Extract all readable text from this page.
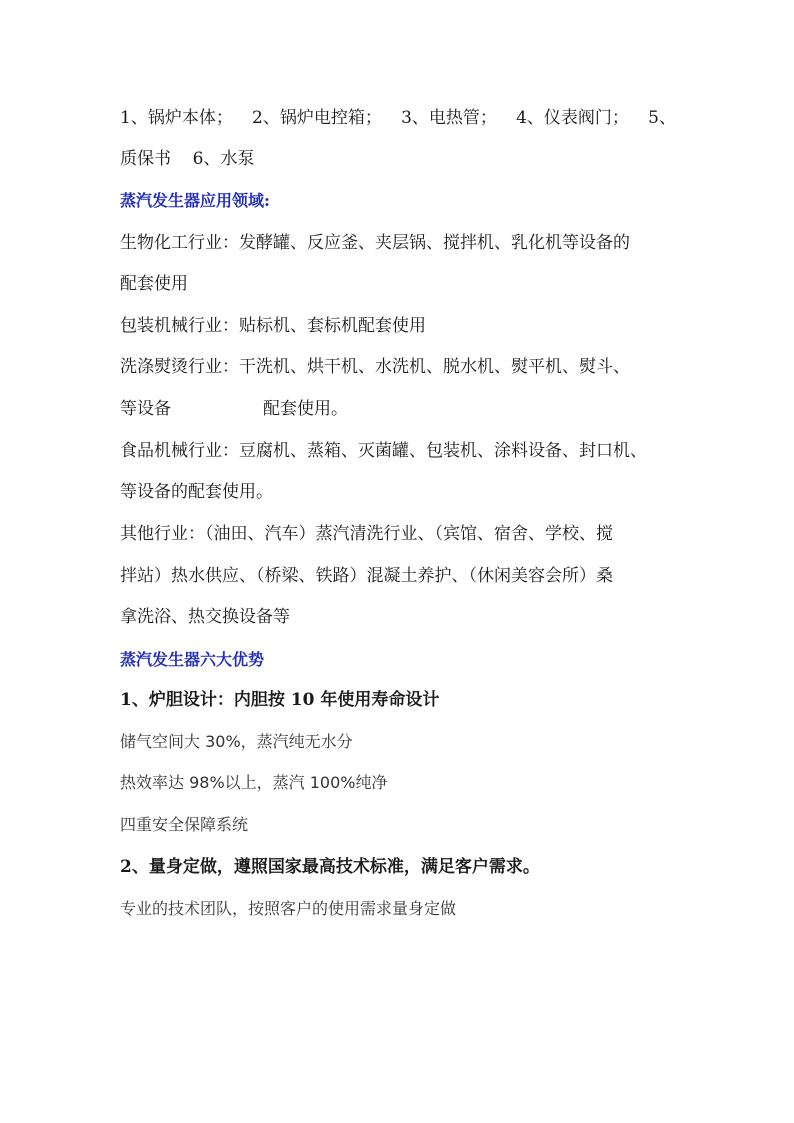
1、锅炉本体； 2、锅炉电控箱； 3、电热管； 4、仪表阀门； 5、
质保书 6、水泵
蒸汽发生器应用领域:
生物化工行业：发酵罐、反应釜、夹层锅、搅拌机、乳化机等设备的
配套使用
包装机械行业：贴标机、套标机配套使用
洗涤熨烫行业：干洗机、烘干机、水洗机、脱水机、熨平机、熨斗、
等设备	配套使用。
食品机械行业：豆腐机、蒸箱、灭菌罐、包装机、涂料设备、封口机、
等设备的配套使用。
其他行业：（油田、汽车）蒸汽清洗行业、（宾馆、宿舍、学校、搅
拌站）热水供应、（桥梁、铁路）混凝土养护、（休闲美容会所）桑
拿洗浴、热交换设备等
蒸汽发生器六大优势
1、炉胆设计：内胆按 10 年使用寿命设计
储气空间大 30%，蒸汽纯无水分
热效率达 98%以上，蒸汽 100%纯净
四重安全保障系统
2、量身定做，遵照国家最高技术标准，满足客户需求。
专业的技术团队，按照客户的使用需求量身定做
